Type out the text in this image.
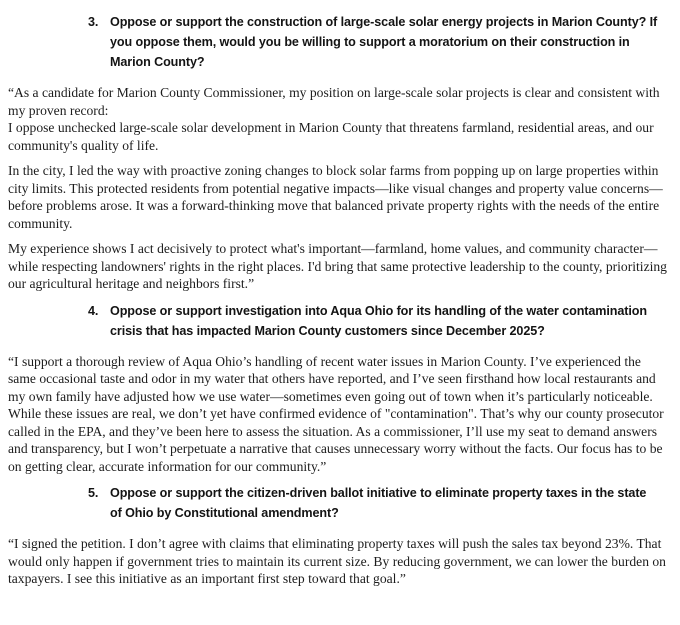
3. Oppose or support the construction of large-scale solar energy projects in Marion County? If you oppose them, would you be willing to support a moratorium on their construction in Marion County?
“As a candidate for Marion County Commissioner, my position on large-scale solar projects is clear and consistent with my proven record:
I oppose unchecked large-scale solar development in Marion County that threatens farmland, residential areas, and our community's quality of life.
In the city, I led the way with proactive zoning changes to block solar farms from popping up on large properties within city limits. This protected residents from potential negative impacts—like visual changes and property value concerns—before problems arose. It was a forward-thinking move that balanced private property rights with the needs of the entire community.
My experience shows I act decisively to protect what's important—farmland, home values, and community character—while respecting landowners' rights in the right places. I'd bring that same protective leadership to the county, prioritizing our agricultural heritage and neighbors first.”
4. Oppose or support investigation into Aqua Ohio for its handling of the water contamination crisis that has impacted Marion County customers since December 2025?
“I support a thorough review of Aqua Ohio’s handling of recent water issues in Marion County. I’ve experienced the same occasional taste and odor in my water that others have reported, and I’ve seen firsthand how local restaurants and my own family have adjusted how we use water—sometimes even going out of town when it’s particularly noticeable. While these issues are real, we don’t yet have confirmed evidence of "contamination". That’s why our county prosecutor called in the EPA, and they’ve been here to assess the situation. As a commissioner, I’ll use my seat to demand answers and transparency, but I won’t perpetuate a narrative that causes unnecessary worry without the facts. Our focus has to be on getting clear, accurate information for our community.”
5. Oppose or support the citizen-driven ballot initiative to eliminate property taxes in the state of Ohio by Constitutional amendment?
“I signed the petition. I don’t agree with claims that eliminating property taxes will push the sales tax beyond 23%. That would only happen if government tries to maintain its current size. By reducing government, we can lower the burden on taxpayers. I see this initiative as an important first step toward that goal.”
